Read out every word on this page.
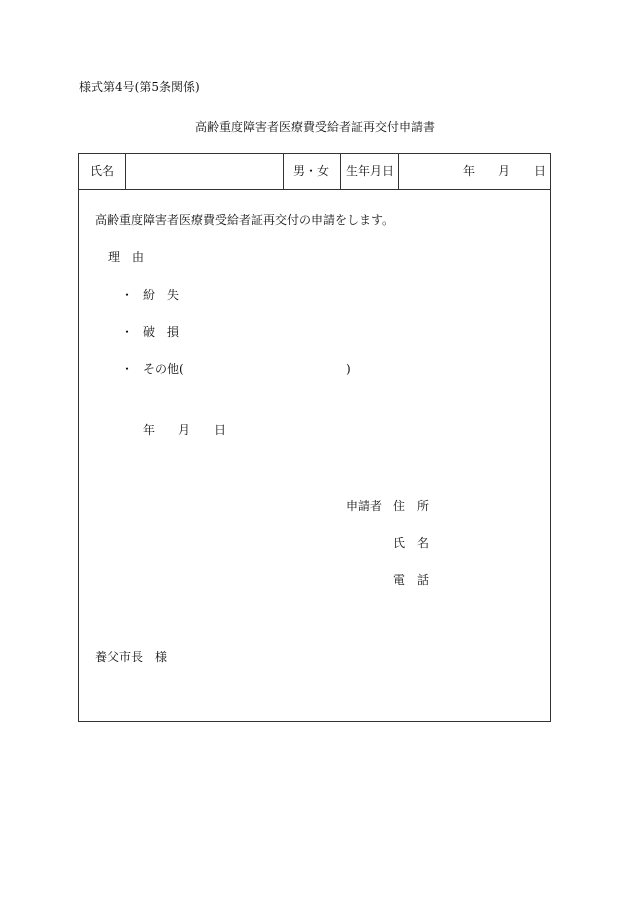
様式第4号(第5条関係)
高齢重度障害者医療費受給者証再交付申請書
氏名	男・女 生年月日	年 月 日
高齢重度障害者医療費受給者証再交付の申請をします。
理　由
・ 紛　失
・ 破　損
・ その他(	)
年 月 日
申請者 住　所
氏　名
電　話
養父市長　様
